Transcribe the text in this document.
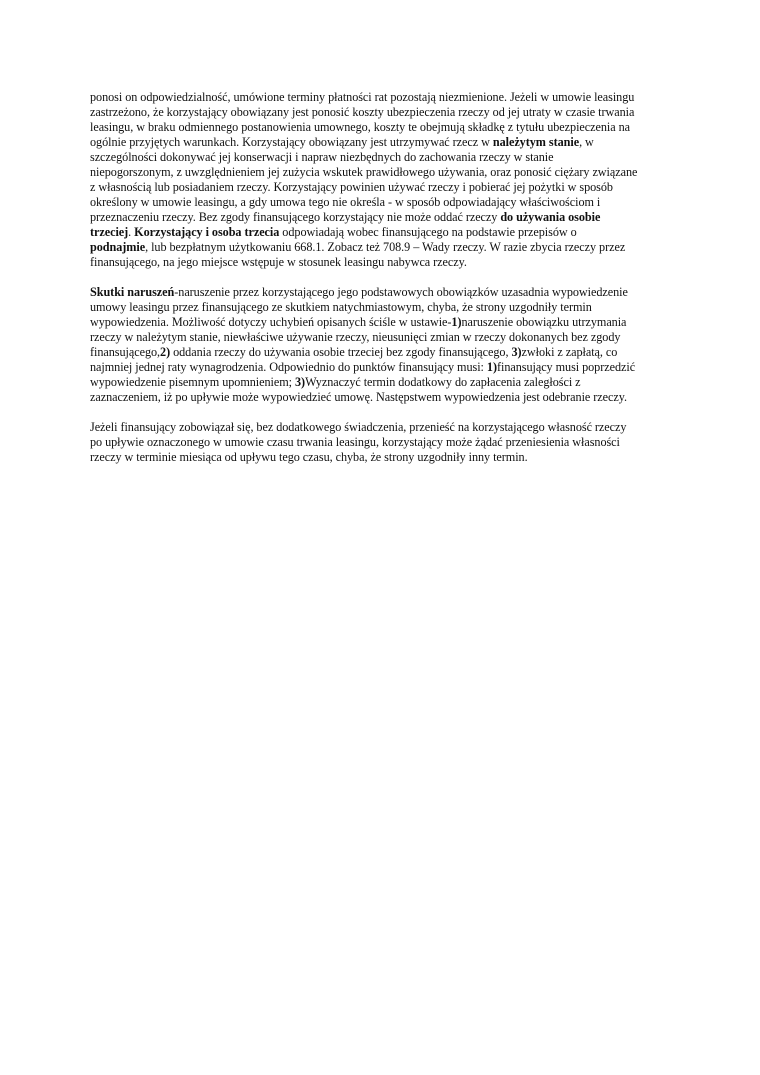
ponosi on odpowiedzialność, umówione terminy płatności rat pozostają niezmienione. Jeżeli w umowie leasingu
zastrzeżono, że korzystający obowiązany jest ponosić koszty ubezpieczenia rzeczy od jej utraty w czasie trwania
leasingu, w braku odmiennego postanowienia umownego, koszty te obejmują składkę z tytułu ubezpieczenia na
ogólnie przyjętych warunkach. Korzystający obowiązany jest utrzymywać rzecz w należytym stanie, w
szczególności dokonywać jej konserwacji i napraw niezbędnych do zachowania rzeczy w stanie
niepogorszonym, z uwzględnieniem jej zużycia wskutek prawidłowego używania, oraz ponosić ciężary związane
z własnością lub posiadaniem rzeczy. Korzystający powinien używać rzeczy i pobierać jej pożytki w sposób
określony w umowie leasingu, a gdy umowa tego nie określa - w sposób odpowiadający właściwościom i
przeznaczeniu rzeczy. Bez zgody finansującego korzystający nie może oddać rzeczy do używania osobie
trzeciej. Korzystający i osoba trzecia odpowiadają wobec finansującego na podstawie przepisów o
podnajmie, lub bezpłatnym użytkowaniu 668.1. Zobacz też 708.9 – Wady rzeczy. W razie zbycia rzeczy przez
finansującego, na jego miejsce wstępuje w stosunek leasingu nabywca rzeczy.
Skutki naruszeń-naruszenie przez korzystającego jego podstawowych obowiązków uzasadnia wypowiedzenie
umowy leasingu przez finansującego ze skutkiem natychmiastowym, chyba, że strony uzgodniły termin
wypowiedzenia. Możliwość dotyczy uchybień opisanych ściśle w ustawie-1)naruszenie obowiązku utrzymania
rzeczy w należytym stanie, niewłaściwe używanie rzeczy, nieusunięci zmian w rzeczy dokonanych bez zgody
finansującego,2) oddania rzeczy do używania osobie trzeciej bez zgody finansującego, 3)zwłoki z zapłatą, co
najmniej jednej raty wynagrodzenia. Odpowiednio do punktów finansujący musi: 1)finansujący musi poprzedzić
wypowiedzenie pisemnym upomnieniem; 3)Wyznaczyć termin dodatkowy do zapłacenia zaległości z
zaznaczeniem, iż po upływie może wypowiedzieć umowę. Następstwem wypowiedzenia jest odebranie rzeczy.
Jeżeli finansujący zobowiązał się, bez dodatkowego świadczenia, przenieść na korzystającego własność rzeczy
po upływie oznaczonego w umowie czasu trwania leasingu, korzystający może żądać przeniesienia własności
rzeczy w terminie miesiąca od upływu tego czasu, chyba, że strony uzgodniły inny termin.
